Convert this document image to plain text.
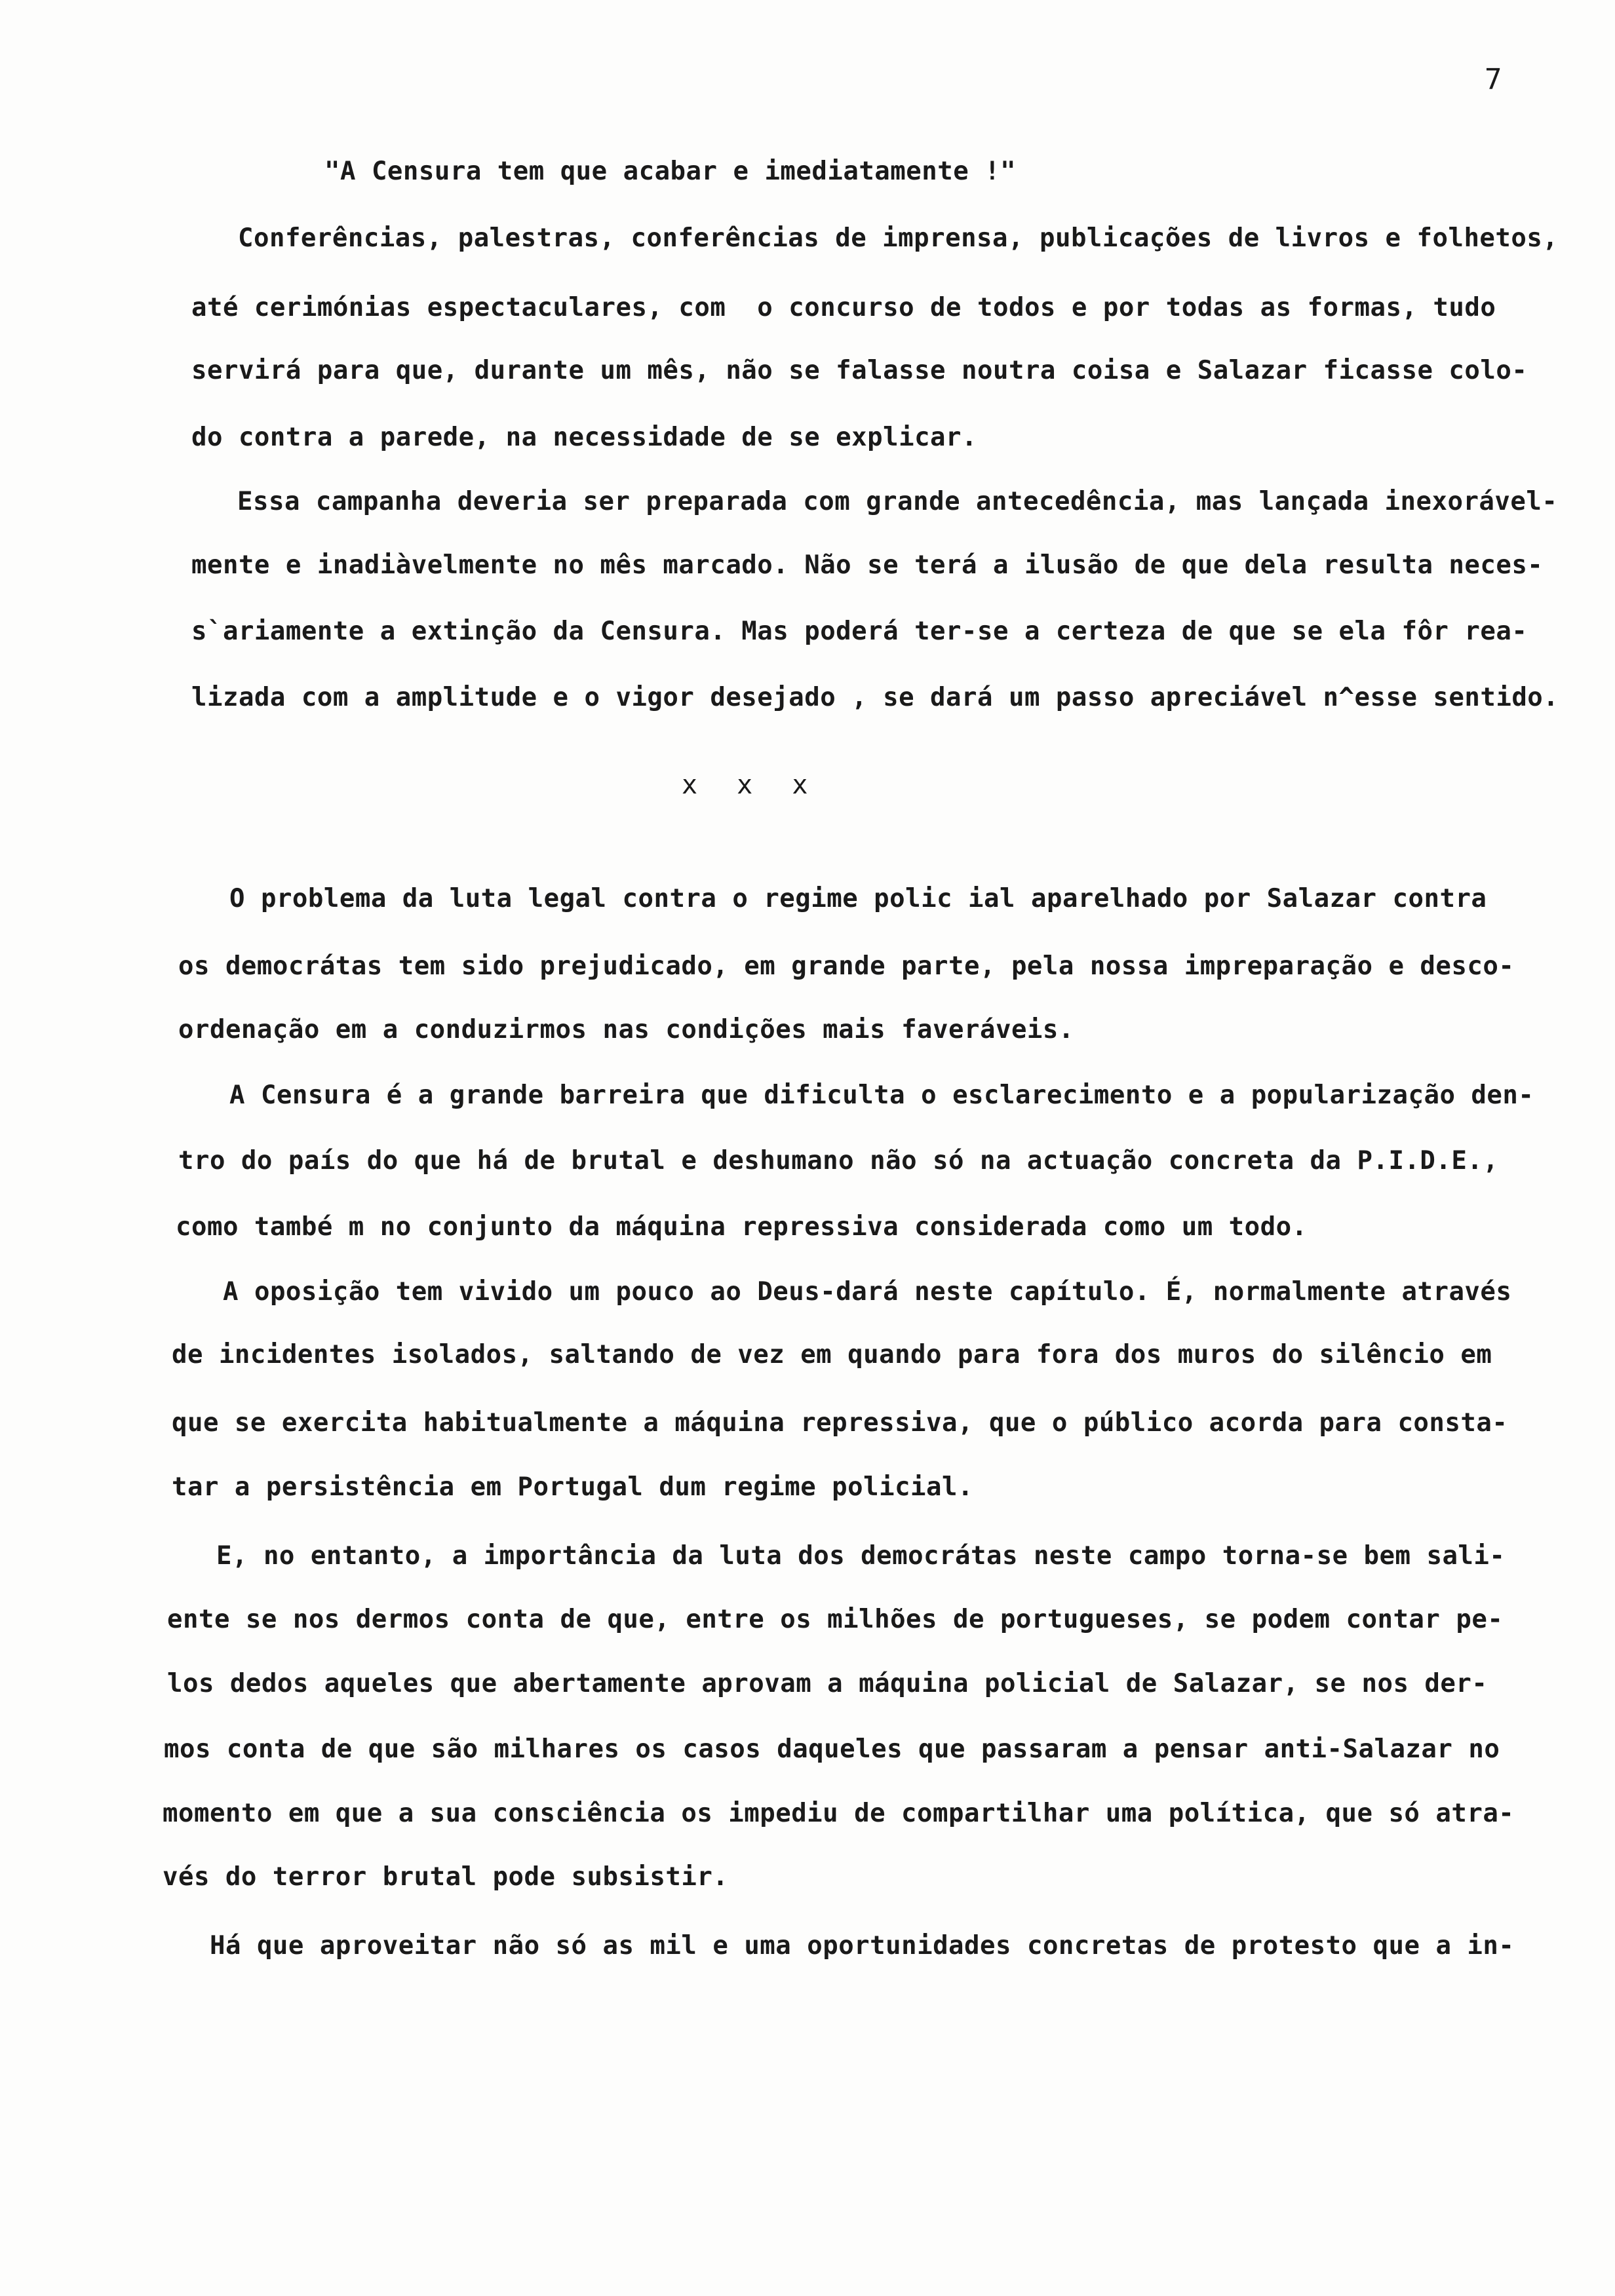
7
"A Censura tem que acabar e imediatamente !"
Conferências, palestras, conferências de imprensa, publicações de livros e folhetos,
até cerimónias espectaculares, com  o concurso de todos e por todas as formas, tudo
servirá para que, durante um mês, não se falasse noutra coisa e Salazar ficasse colo-
do contra a parede, na necessidade de se explicar.
Essa campanha deveria ser preparada com grande antecedência, mas lançada inexorável-
mente e inadiàvelmente no mês marcado. Não se terá a ilusão de que dela resulta neces-
s`ariamente a extinção da Censura. Mas poderá ter-se a certeza de que se ela fôr rea-
lizada com a amplitude e o vigor desejado , se dará um passo apreciável n^esse sentido.
x x x
O problema da luta legal contra o regime polic ial aparelhado por Salazar contra
os democrátas tem sido prejudicado, em grande parte, pela nossa impreparação e desco-
ordenação em a conduzirmos nas condições mais faveráveis.
A Censura é a grande barreira que dificulta o esclarecimento e a popularização den-
tro do país do que há de brutal e deshumano não só na actuação concreta da P.I.D.E.,
como també m no conjunto da máquina repressiva considerada como um todo.
A oposição tem vivido um pouco ao Deus-dará neste capítulo. É, normalmente através
de incidentes isolados, saltando de vez em quando para fora dos muros do silêncio em
que se exercita habitualmente a máquina repressiva, que o público acorda para consta-
tar a persistência em Portugal dum regime policial.
E, no entanto, a importância da luta dos democrátas neste campo torna-se bem sali-
ente se nos dermos conta de que, entre os milhões de portugueses, se podem contar pe-
los dedos aqueles que abertamente aprovam a máquina policial de Salazar, se nos der-
mos conta de que são milhares os casos daqueles que passaram a pensar anti-Salazar no
momento em que a sua consciência os impediu de compartilhar uma política, que só atra-
vés do terror brutal pode subsistir.
Há que aproveitar não só as mil e uma oportunidades concretas de protesto que a in-
